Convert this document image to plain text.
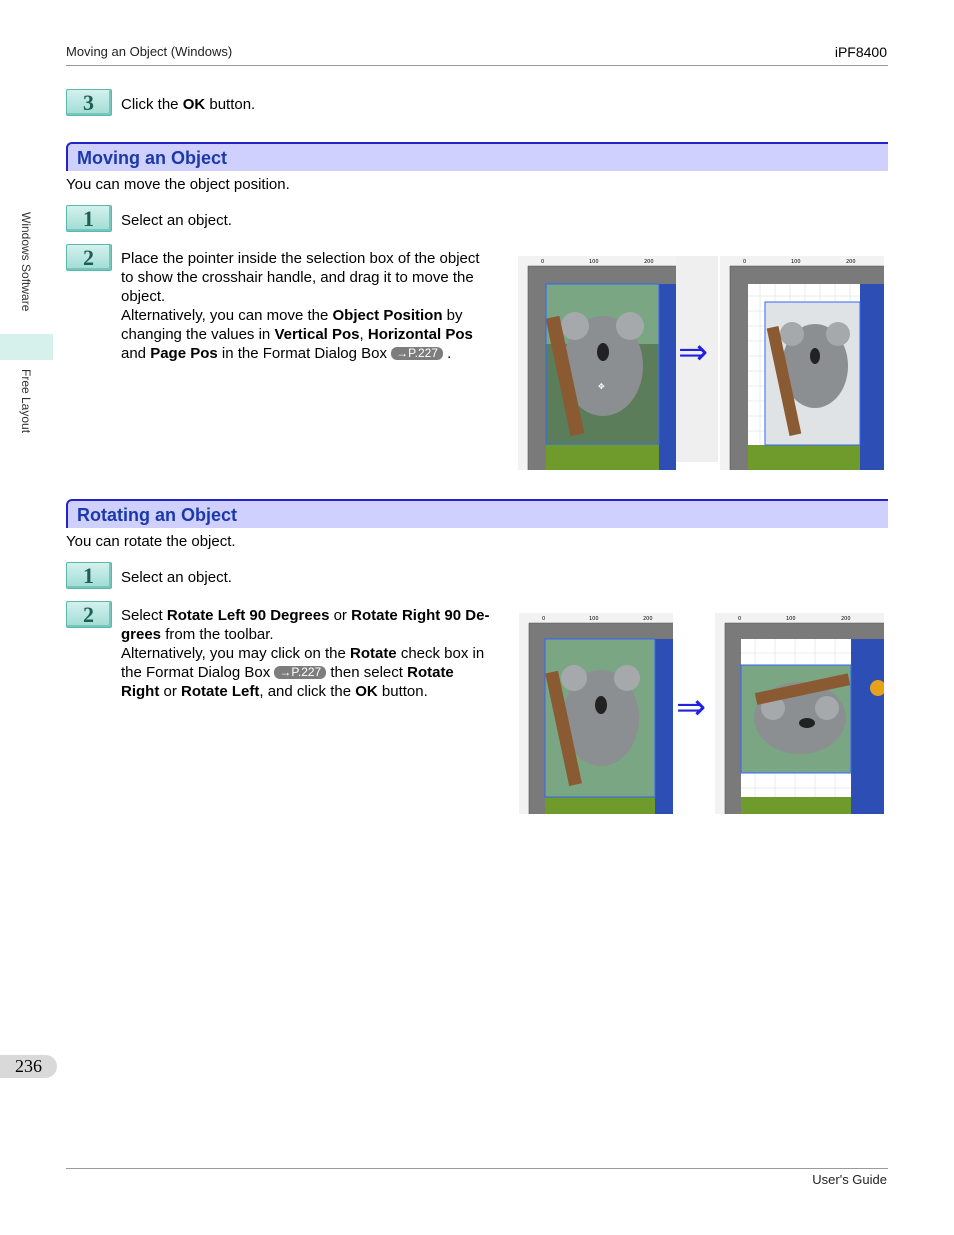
Moving an Object (Windows)	iPF8400
Windows Software
Free Layout
236
3	Click the OK button.
Moving an Object
You can move the object position.
1	Select an object.
2	Place the pointer inside the selection box of the object
to show the crosshair handle, and drag it to move the
object.
Alternatively, you can move the Object Position by
changing the values in Vertical Pos, Horizontal Pos
and Page Pos in the Format Dialog Box →P.227 .
0	100	200
✥
⇒
0	100	200
Rotating an Object
You can rotate the object.
1	Select an object.
2	Select Rotate Left 90 Degrees or Rotate Right 90 De-
grees from the toolbar.
Alternatively, you may click on the Rotate check box in
the Format Dialog Box →P.227 then select Rotate
Right or Rotate Left, and click the OK button.
0	100	200
⇒
0	100	200
User's Guide
